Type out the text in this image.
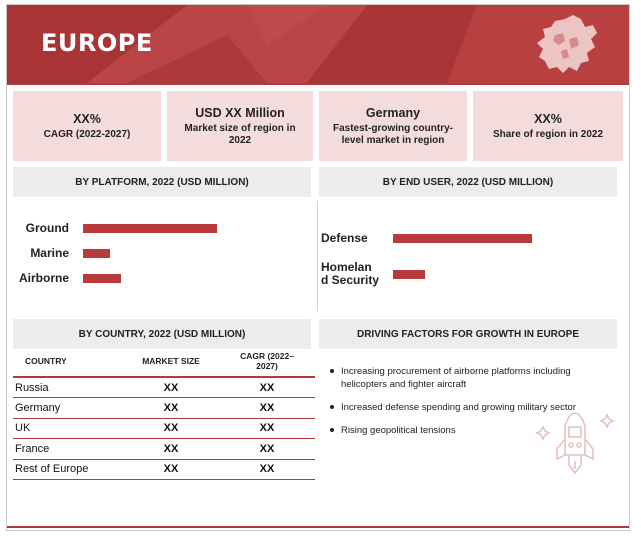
EUROPE
XX%
CAGR (2022-2027)
USD XX Million
Market size of region in 2022
Germany
Fastest-growing country-level market in region
XX%
Share of region in 2022
BY PLATFORM, 2022 (USD MILLION)	BY END USER, 2022 (USD MILLION)
BY COUNTRY, 2022 (USD MILLION)
COUNTRY	MARKET SIZE	CAGR (2022–2027)
Russia	XX	XX
Germany	XX	XX
UK	XX	XX
France	XX	XX
Rest of Europe	XX	XX
DRIVING FACTORS FOR GROWTH IN EUROPE
Increasing procurement of airborne platforms including helicopters and fighter aircraft
Increased defense spending and growing military sector
Rising geopolitical tensions
Ground
Marine
Airborne
Defense
Homelan
d Security
